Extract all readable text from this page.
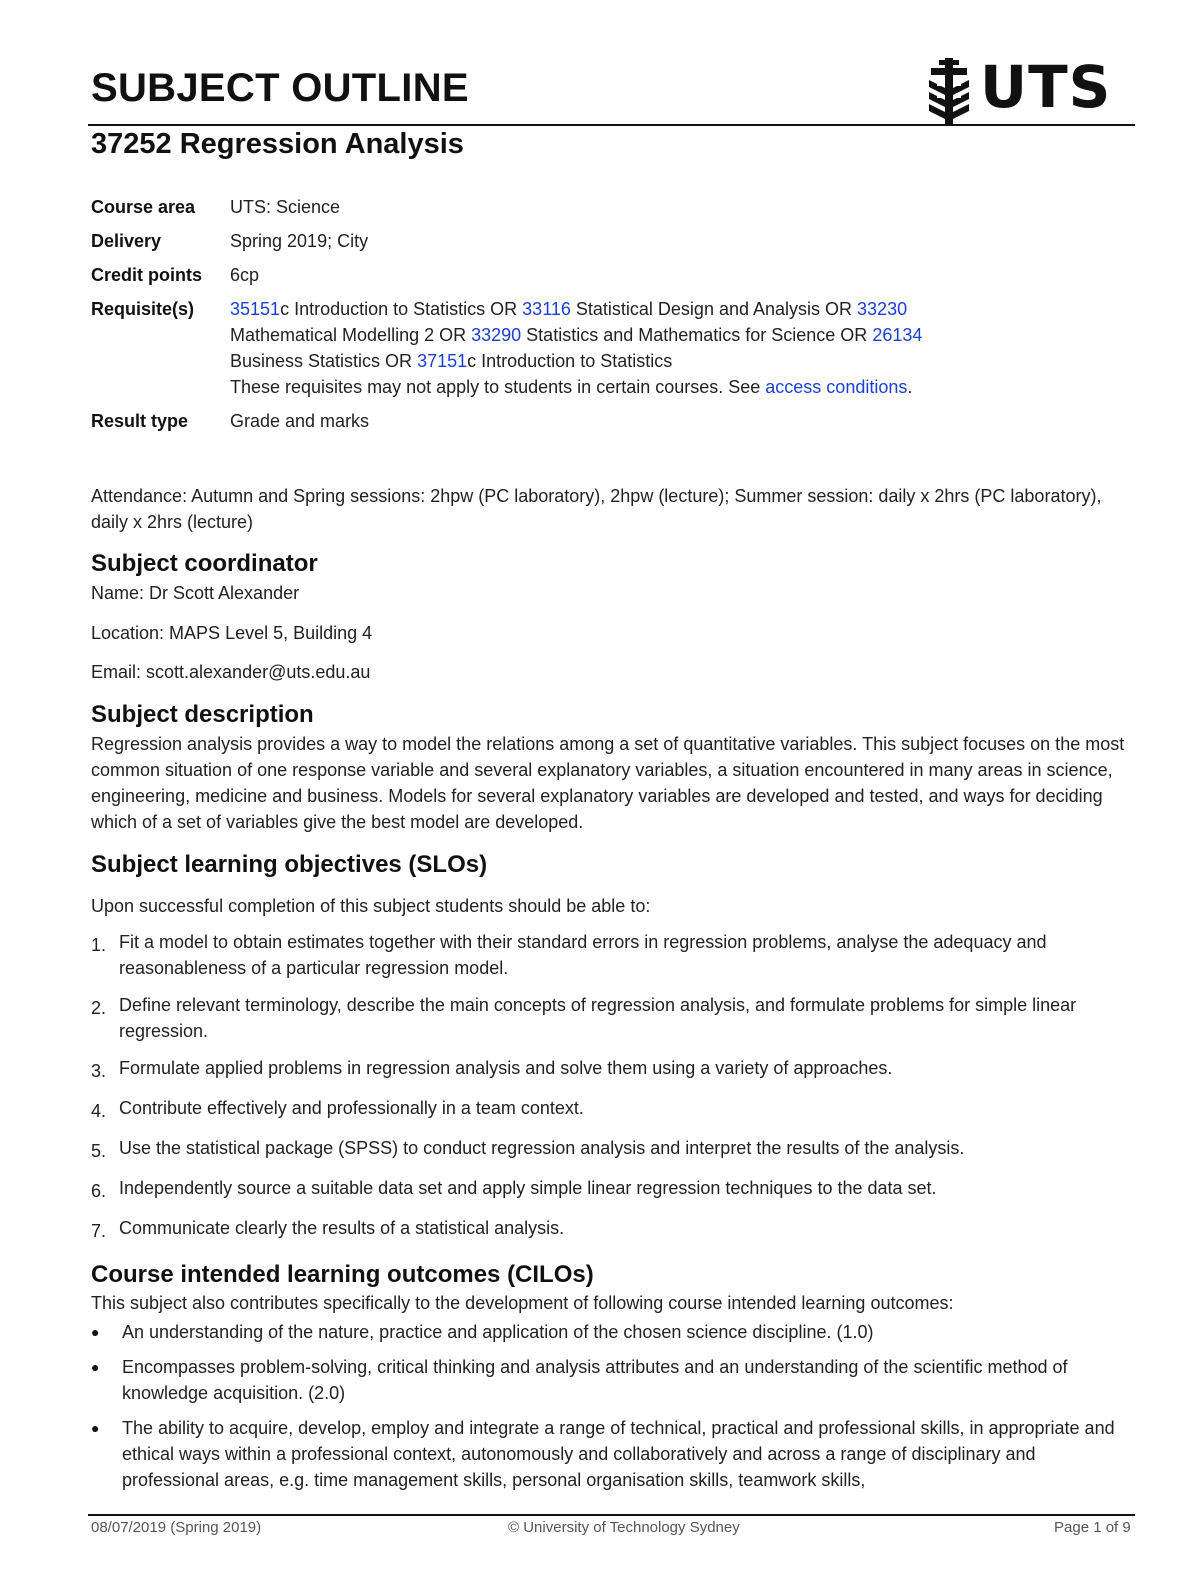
SUBJECT OUTLINE	UTS
37252 Regression Analysis
Course area	UTS: Science
Delivery	Spring 2019; City
Credit points	6cp
Requisite(s)	35151c Introduction to Statistics OR 33116 Statistical Design and Analysis OR 33230 Mathematical Modelling 2 OR 33290 Statistics and Mathematics for Science OR 26134 Business Statistics OR 37151c Introduction to Statistics
These requisites may not apply to students in certain courses. See access conditions.
Result type	Grade and marks

Attendance: Autumn and Spring sessions: 2hpw (PC laboratory), 2hpw (lecture); Summer session: daily x 2hrs (PC laboratory), daily x 2hrs (lecture)

Subject coordinator

Name: Dr Scott Alexander

Location: MAPS Level 5, Building 4

Email: scott.alexander@uts.edu.au

Subject description

Regression analysis provides a way to model the relations among a set of quantitative variables. This subject focuses on the most common situation of one response variable and several explanatory variables, a situation encountered in many areas in science, engineering, medicine and business. Models for several explanatory variables are developed and tested, and ways for deciding which of a set of variables give the best model are developed.

Subject learning objectives (SLOs)

Upon successful completion of this subject students should be able to:

1. Fit a model to obtain estimates together with their standard errors in regression problems, analyse the adequacy and reasonableness of a particular regression model.
2. Define relevant terminology, describe the main concepts of regression analysis, and formulate problems for simple linear regression.
3. Formulate applied problems in regression analysis and solve them using a variety of approaches.
4. Contribute effectively and professionally in a team context.
5. Use the statistical package (SPSS) to conduct regression analysis and interpret the results of the analysis.
6. Independently source a suitable data set and apply simple linear regression techniques to the data set.
7. Communicate clearly the results of a statistical analysis.
Course intended learning outcomes (CILOs)

This subject also contributes specifically to the development of following course intended learning outcomes:

●	An understanding of the nature, practice and application of the chosen science discipline. (1.0)
●	Encompasses problem-solving, critical thinking and analysis attributes and an understanding of the scientific method of knowledge acquisition. (2.0)
●	The ability to acquire, develop, employ and integrate a range of technical, practical and professional skills, in appropriate and ethical ways within a professional context, autonomously and collaboratively and across a range of disciplinary and professional areas, e.g. time management skills, personal organisation skills, teamwork skills,
08/07/2019 (Spring 2019)	© University of Technology Sydney	Page 1 of 9
